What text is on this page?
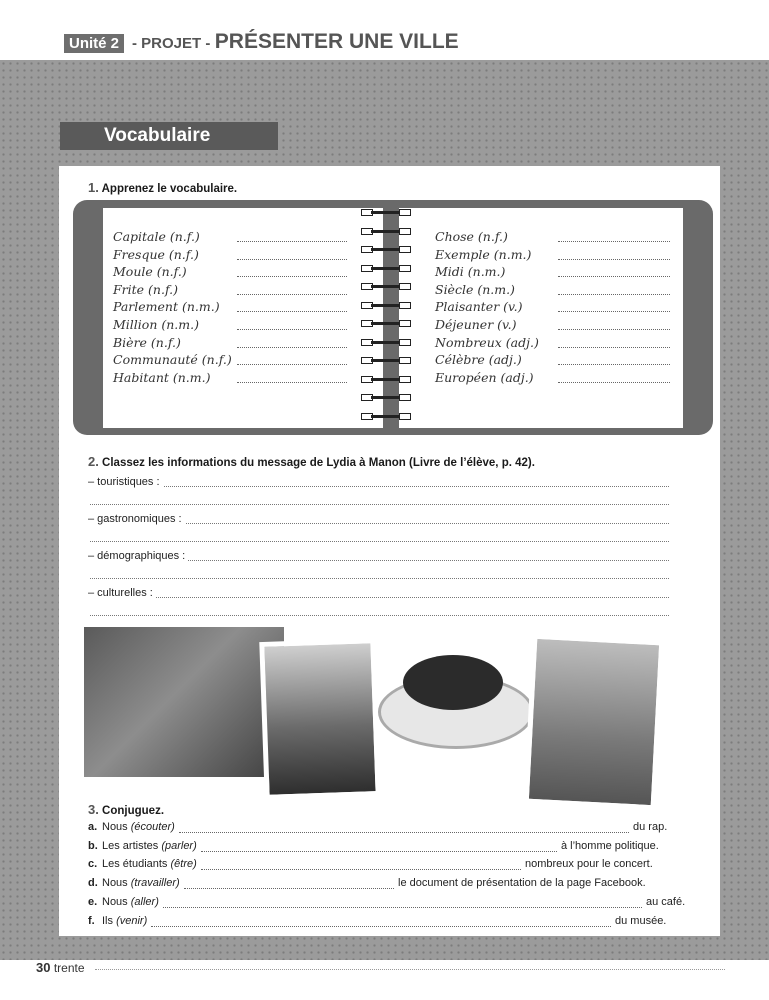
Unité 2 - PROJET - PRÉSENTER UNE VILLE
Vocabulaire
1. Apprenez le vocabulaire.
Capitale (n.f.)
Fresque (n.f.)
Moule (n.f.)
Frite (n.f.)
Parlement (n.m.)
Million (n.m.)
Bière (n.f.)
Communauté (n.f.)
Habitant (n.m.)
Chose (n.f.)
Exemple (n.m.)
Midi (n.m.)
Siècle (n.m.)
Plaisanter (v.)
Déjeuner (v.)
Nombreux (adj.)
Célèbre (adj.)
Européen (adj.)
2. Classez les informations du message de Lydia à Manon (Livre de l’élève, p. 42).
– touristiques :
– gastronomiques :
– démographiques :
– culturelles :
3. Conjuguez.
a. Nous (écouter)	du rap.
b. Les artistes (parler)	à l’homme politique.
c. Les étudiants (être)	nombreux pour le concert.
d. Nous (travailler)	le document de présentation de la page Facebook.
e. Nous (aller)	au café.
f. Ils (venir)	du musée.
30 trente
